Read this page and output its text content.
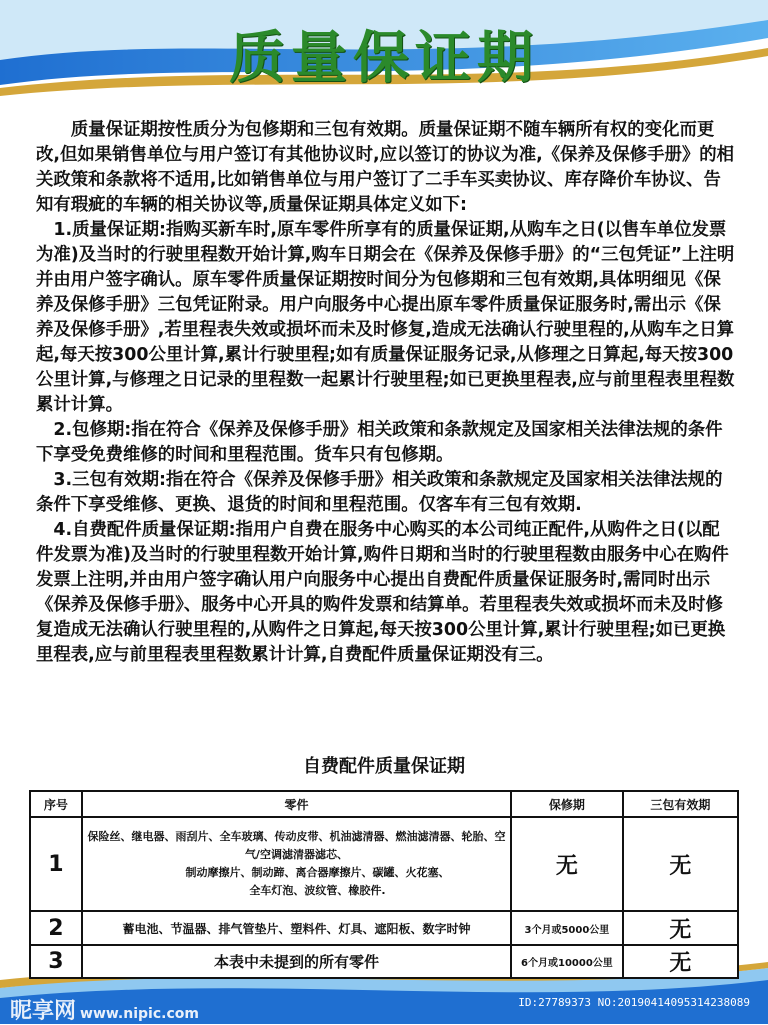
质量保证期

质量保证期按性质分为包修期和三包有效期。质量保证期不随车辆所有权的变化而更改,但如果销售单位与用户签订有其他协议时,应以签订的协议为准,《保养及保修手册》的相关政策和条款将不适用,比如销售单位与用户签订了二手车买卖协议、库存降价车协议、告知有瑕疵的车辆的相关协议等,质量保证期具体定义如下:

1.质量保证期:指购买新车时,原车零件所享有的质量保证期,从购车之日(以售车单位发票为准)及当时的行驶里程数开始计算,购车日期会在《保养及保修手册》的“三包凭证”上注明并由用户签字确认。原车零件质量保证期按时间分为包修期和三包有效期,具体明细见《保养及保修手册》三包凭证附录。用户向服务中心提出原车零件质量保证服务时,需出示《保养及保修手册》,若里程表失效或损坏而未及时修复,造成无法确认行驶里程的,从购车之日算起,每天按300公里计算,累计行驶里程;如有质量保证服务记录,从修理之日算起,每天按300公里计算,与修理之日记录的里程数一起累计行驶里程;如已更换里程表,应与前里程表里程数累计计算。

2.包修期:指在符合《保养及保修手册》相关政策和条款规定及国家相关法律法规的条件下享受免费维修的时间和里程范围。货车只有包修期。

3.三包有效期:指在符合《保养及保修手册》相关政策和条款规定及国家相关法律法规的条件下享受维修、更换、退货的时间和里程范围。仅客车有三包有效期.

4.自费配件质量保证期:指用户自费在服务中心购买的本公司纯正配件,从购件之日(以配件发票为准)及当时的行驶里程数开始计算,购件日期和当时的行驶里程数由服务中心在购件发票上注明,并由用户签字确认用户向服务中心提出自费配件质量保证服务时,需同时出示《保养及保修手册》、服务中心开具的购件发票和结算单。若里程表失效或损坏而未及时修复造成无法确认行驶里程的,从购件之日算起,每天按300公里计算,累计行驶里程;如已更换里程表,应与前里程表里程数累计计算,自费配件质量保证期没有三。

自费配件质量保证期
序号	零件	保修期	三包有效期
1	保险丝、继电器、雨刮片、全车玻璃、传动皮带、机油滤清器、燃油滤清器、轮胎、空气/空调滤清器滤芯、
制动摩擦片、制动蹄、离合器摩擦片、碳罐、火花塞、
全车灯泡、波纹管、橡胶件.	无	无
2	蓄电池、节温器、排气管垫片、塑料件、灯具、遮阳板、数字时钟	3个月或5000公里	无
3	本表中未提到的所有零件	6个月或10000公里	无
昵享网 www.nipic.com
ID:27789373 NO:20190414095314238089
